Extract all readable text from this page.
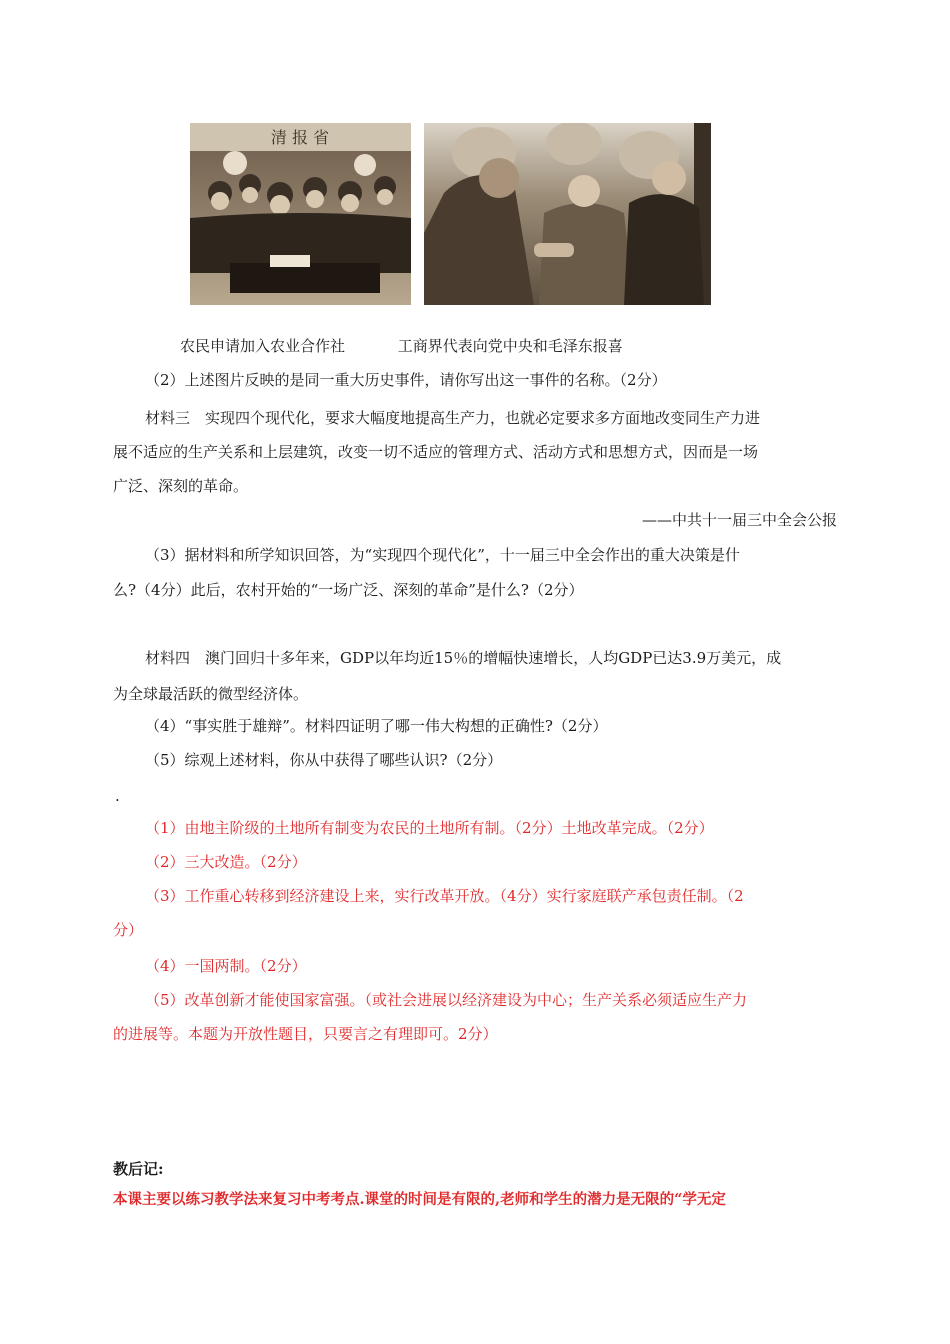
清 报 省
农民申请加入农业合作社	工商界代表向党中央和毛泽东报喜
（2）上述图片反映的是同一重大历史事件，请你写出这一事件的名称。（2分）
材料三　实现四个现代化，要求大幅度地提高生产力，也就必定要求多方面地改变同生产力进
展不适应的生产关系和上层建筑，改变一切不适应的管理方式、活动方式和思想方式，因而是一场
广泛、深刻的革命。
——中共十一届三中全会公报
（3）据材料和所学知识回答，为“实现四个现代化”，十一届三中全会作出的重大决策是什
么?（4分）此后，农村开始的“一场广泛、深刻的革命”是什么?（2分）
材料四　澳门回归十多年来，GDP以年均近15％的增幅快速增长，人均GDP已达3.9万美元，成
为全球最活跃的微型经济体。
（4）“事实胜于雄辩”。材料四证明了哪一伟大构想的正确性?（2分）
（5）综观上述材料，你从中获得了哪些认识?（2分）
.
（1）由地主阶级的土地所有制变为农民的土地所有制。（2分）土地改革完成。（2分）
（2）三大改造。（2分）
（3）工作重心转移到经济建设上来，实行改革开放。（4分）实行家庭联产承包责任制。（2
分）
（4）一国两制。（2分）
（5）改革创新才能使国家富强。（或社会进展以经济建设为中心；生产关系必须适应生产力
的进展等。本题为开放性题目，只要言之有理即可。2分）
教后记:
本课主要以练习教学法来复习中考考点.课堂的时间是有限的,老师和学生的潜力是无限的“学无定
